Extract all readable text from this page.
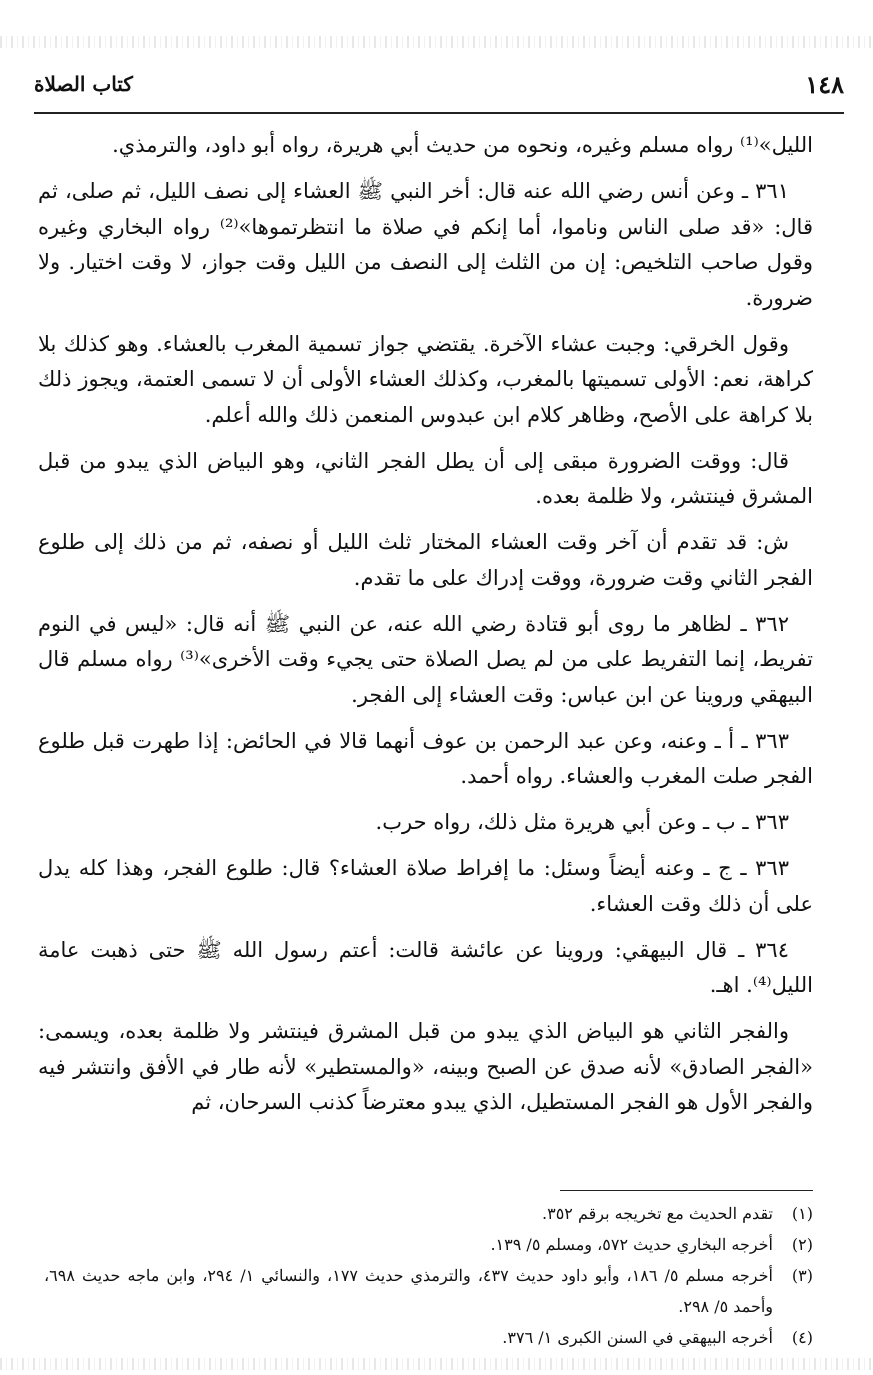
١٤٨
كتاب الصلاة

الليل»⁽¹⁾ رواه مسلم وغيره، ونحوه من حديث أبي هريرة، رواه أبو داود، والترمذي.

٣٦١ ـ وعن أنس رضي الله عنه قال: أخر النبي ﷺ العشاء إلى نصف الليل، ثم صلى، ثم قال: «قد صلى الناس وناموا، أما إنكم في صلاة ما انتظرتموها»⁽²⁾ رواه البخاري وغيره وقول صاحب التلخيص: إن من الثلث إلى النصف من الليل وقت جواز، لا وقت اختيار. ولا ضرورة.

وقول الخرقي: وجبت عشاء الآخرة. يقتضي جواز تسمية المغرب بالعشاء. وهو كذلك بلا كراهة، نعم: الأولى تسميتها بالمغرب، وكذلك العشاء الأولى أن لا تسمى العتمة، ويجوز ذلك بلا كراهة على الأصح، وظاهر كلام ابن عبدوس المنعمن ذلك والله أعلم.

قال: ووقت الضرورة مبقى إلى أن يطل الفجر الثاني، وهو البياض الذي يبدو من قبل المشرق فينتشر، ولا ظلمة بعده.

ش: قد تقدم أن آخر وقت العشاء المختار ثلث الليل أو نصفه، ثم من ذلك إلى طلوع الفجر الثاني وقت ضرورة، ووقت إدراك على ما تقدم.

٣٦٢ ـ لظاهر ما روى أبو قتادة رضي الله عنه، عن النبي ﷺ أنه قال: «ليس في النوم تفريط، إنما التفريط على من لم يصل الصلاة حتى يجيء وقت الأخرى»⁽³⁾ رواه مسلم قال البيهقي وروينا عن ابن عباس: وقت العشاء إلى الفجر.

٣٦٣ ـ أ ـ وعنه، وعن عبد الرحمن بن عوف أنهما قالا في الحائض: إذا طهرت قبل طلوع الفجر صلت المغرب والعشاء. رواه أحمد.

٣٦٣ ـ ب ـ وعن أبي هريرة مثل ذلك، رواه حرب.

٣٦٣ ـ ج ـ وعنه أيضاً وسئل: ما إفراط صلاة العشاء؟ قال: طلوع الفجر، وهذا كله يدل على أن ذلك وقت العشاء.

٣٦٤ ـ قال البيهقي: وروينا عن عائشة قالت: أعتم رسول الله ﷺ حتى ذهبت عامة الليل⁽⁴⁾. اهـ.

والفجر الثاني هو البياض الذي يبدو من قبل المشرق فينتشر ولا ظلمة بعده، ويسمى: «الفجر الصادق» لأنه صدق عن الصبح وبينه، «والمستطير» لأنه طار في الأفق وانتشر فيه والفجر الأول هو الفجر المستطيل، الذي يبدو معترضاً كذنب السرحان، ثم

(١)
تقدم الحديث مع تخريجه برقم ٣٥٢.
(٢)
أخرجه البخاري حديث ٥٧٢، ومسلم ٥/ ١٣٩.
(٣)
أخرجه مسلم ٥/ ١٨٦، وأبو داود حديث ٤٣٧، والترمذي حديث ١٧٧، والنسائي ١/ ٢٩٤، وابن ماجه حديث ٦٩٨، وأحمد ٥/ ٢٩٨.
(٤)
أخرجه البيهقي في السنن الكبرى ١/ ٣٧٦.
